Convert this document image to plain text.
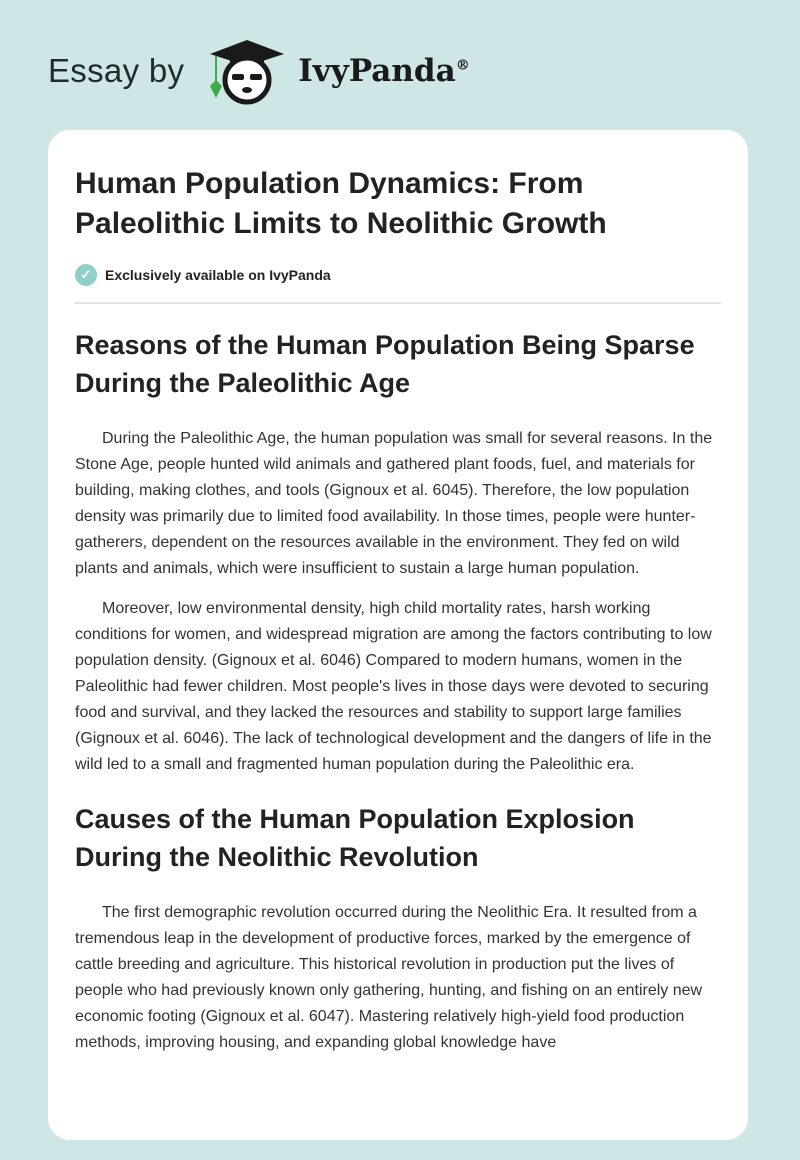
Essay by	IvyPanda®
Human Population Dynamics: From Paleolithic Limits to Neolithic Growth
✓ Exclusively available on IvyPanda
Reasons of the Human Population Being Sparse During the Paleolithic Age

During the Paleolithic Age, the human population was small for several reasons. In the Stone Age, people hunted wild animals and gathered plant foods, fuel, and materials for building, making clothes, and tools (Gignoux et al. 6045). Therefore, the low population density was primarily due to limited food availability. In those times, people were hunter-gatherers, dependent on the resources available in the environment. They fed on wild plants and animals, which were insufficient to sustain a large human population.

Moreover, low environmental density, high child mortality rates, harsh working conditions for women, and widespread migration are among the factors contributing to low population density. (Gignoux et al. 6046) Compared to modern humans, women in the Paleolithic had fewer children. Most people's lives in those days were devoted to securing food and survival, and they lacked the resources and stability to support large families (Gignoux et al. 6046). The lack of technological development and the dangers of life in the wild led to a small and fragmented human population during the Paleolithic era.

Causes of the Human Population Explosion During the Neolithic Revolution

The first demographic revolution occurred during the Neolithic Era. It resulted from a tremendous leap in the development of productive forces, marked by the emergence of cattle breeding and agriculture. This historical revolution in production put the lives of people who had previously known only gathering, hunting, and fishing on an entirely new economic footing (Gignoux et al. 6047). Mastering relatively high-yield food production methods, improving housing, and expanding global knowledge have
